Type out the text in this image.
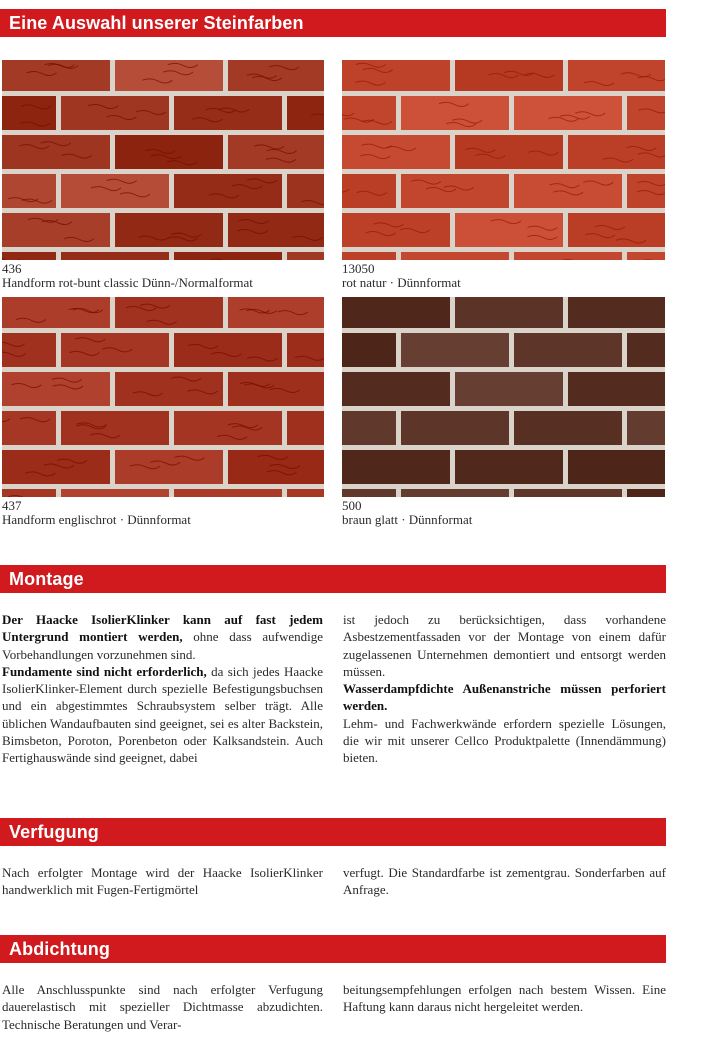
Eine Auswahl unserer Steinfarben
436
Handform rot-bunt classic Dünn-/Normalformat
13050
rot natur · Dünnformat
437
Handform englischrot · Dünnformat
500
braun glatt · Dünnformat
Montage

Der Haacke IsolierKlinker kann auf fast jedem Untergrund montiert werden, ohne dass aufwendige Vorbehandlungen vorzunehmen sind.

Fundamente sind nicht erforderlich, da sich jedes Haacke IsolierKlinker-Element durch spezielle Befestigungsbuchsen und ein abgestimmtes Schraubsystem selber trägt. Alle üblichen Wandaufbauten sind geeignet, sei es alter Backstein, Bimsbeton, Poroton, Porenbeton oder Kalksandstein. Auch Fertighauswände sind geeignet, dabei

ist jedoch zu berücksichtigen, dass vorhandene Asbestzementfassaden vor der Montage von einem dafür zugelassenen Unternehmen demontiert und entsorgt werden müssen.

Wasserdampfdichte Außenanstriche müssen perforiert werden.

Lehm- und Fachwerkwände erfordern spezielle Lösungen, die wir mit unserer Cellco Produktpalette (Innendämmung) bieten.

Verfugung

Nach erfolgter Montage wird der Haacke IsolierKlinker handwerklich mit Fugen-Fertigmörtel

verfugt. Die Standardfarbe ist zementgrau. Sonderfarben auf Anfrage.

Abdichtung

Alle Anschlusspunkte sind nach erfolgter Verfugung dauerelastisch mit spezieller Dichtmasse abzudichten. Technische Beratungen und Verar-

beitungsempfehlungen erfolgen nach bestem Wissen. Eine Haftung kann daraus nicht hergeleitet werden.
